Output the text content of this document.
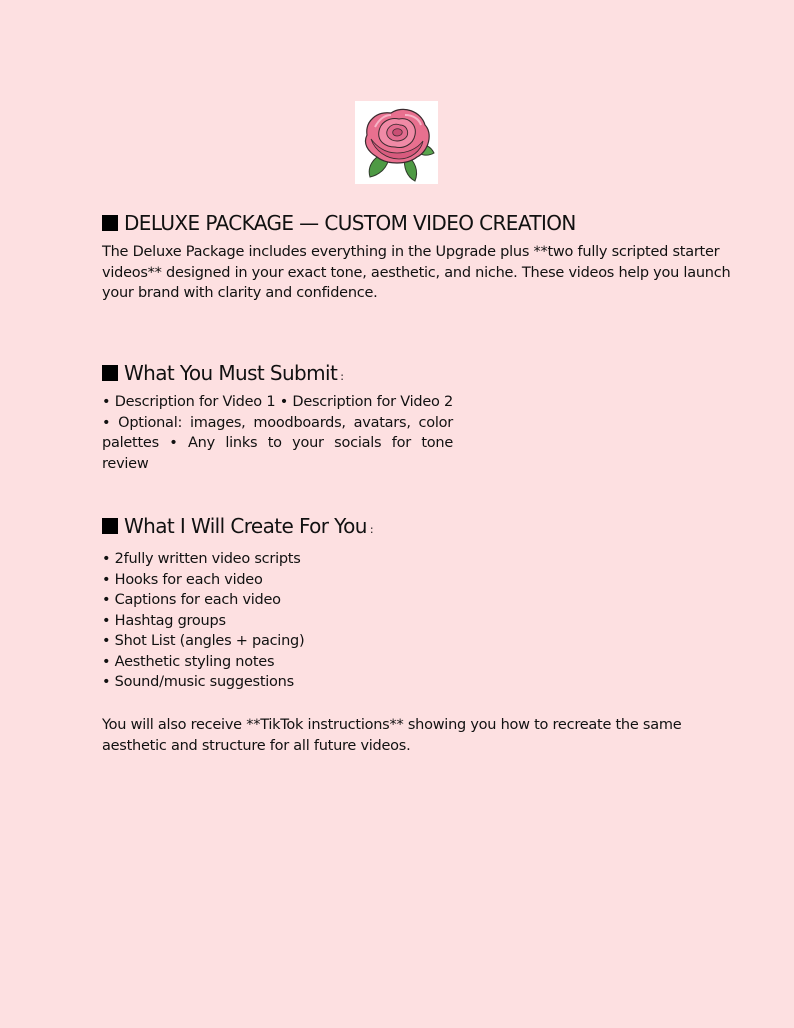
DELUXE PACKAGE — CUSTOM VIDEO CREATION

The Deluxe Package includes everything in the Upgrade plus **two fully scripted starter videos** designed in your exact tone, aesthetic, and niche. These videos help you launch your brand with clarity and confidence.

What You Must Submit :

• Description for Video 1 • Description for Video 2 • Optional: images, moodboards, avatars, color palettes • Any links to your socials for tone review

What I Will Create For You :
• 2fully written video scripts
• Hooks for each video
• Captions for each video
• Hashtag groups
• Shot List (angles + pacing)
• Aesthetic styling notes
• Sound/music suggestions

You will also receive **TikTok instructions** showing you how to recreate the same aesthetic and structure for all future videos.
